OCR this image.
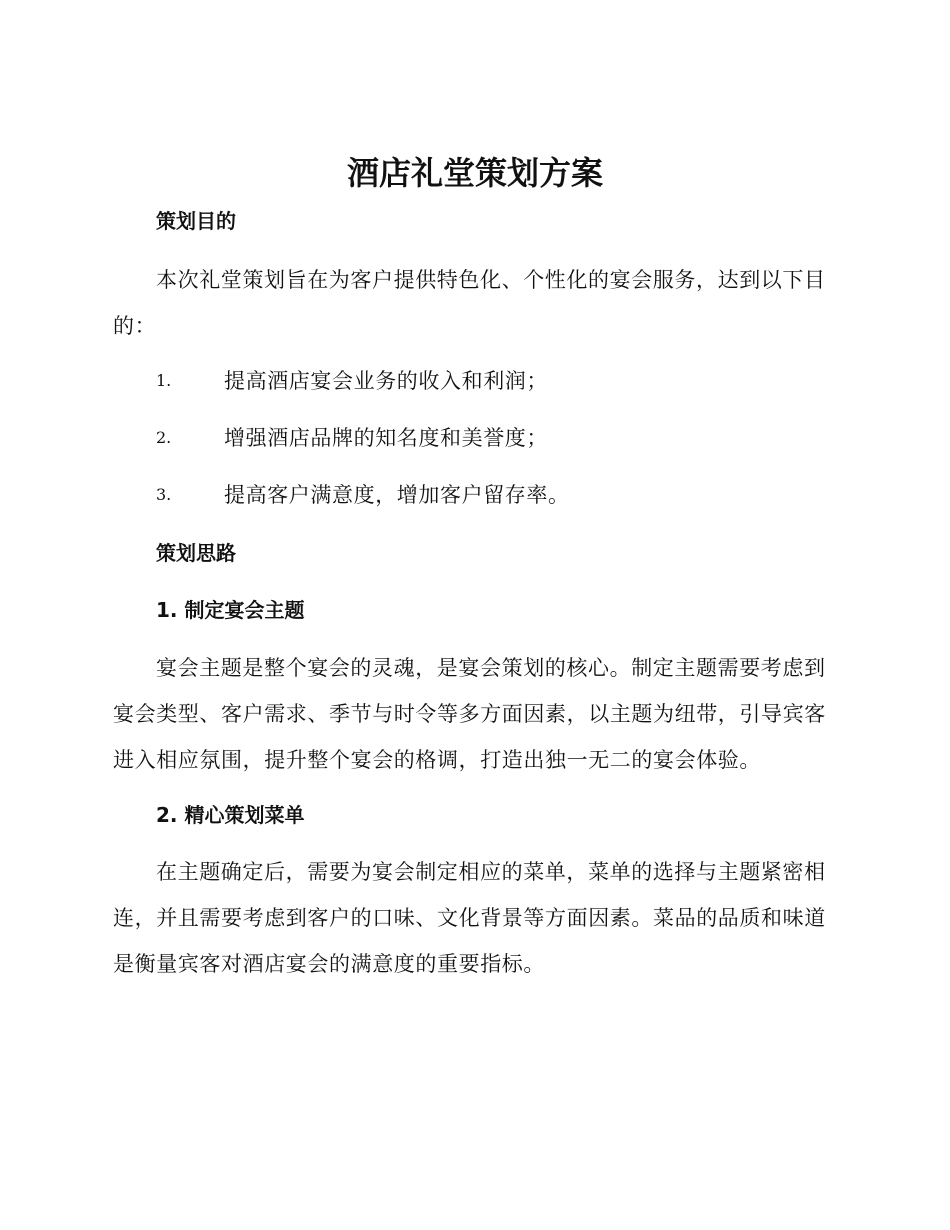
酒店礼堂策划方案
策划目的
本次礼堂策划旨在为客户提供特色化、个性化的宴会服务，达到以下目的：
1.	提高酒店宴会业务的收入和利润；
2.	增强酒店品牌的知名度和美誉度；
3.	提高客户满意度，增加客户留存率。
策划思路
1. 制定宴会主题
宴会主题是整个宴会的灵魂，是宴会策划的核心。制定主题需要考虑到宴会类型、客户需求、季节与时令等多方面因素，以主题为纽带，引导宾客进入相应氛围，提升整个宴会的格调，打造出独一无二的宴会体验。
2. 精心策划菜单
在主题确定后，需要为宴会制定相应的菜单，菜单的选择与主题紧密相连，并且需要考虑到客户的口味、文化背景等方面因素。菜品的品质和味道是衡量宾客对酒店宴会的满意度的重要指标。
